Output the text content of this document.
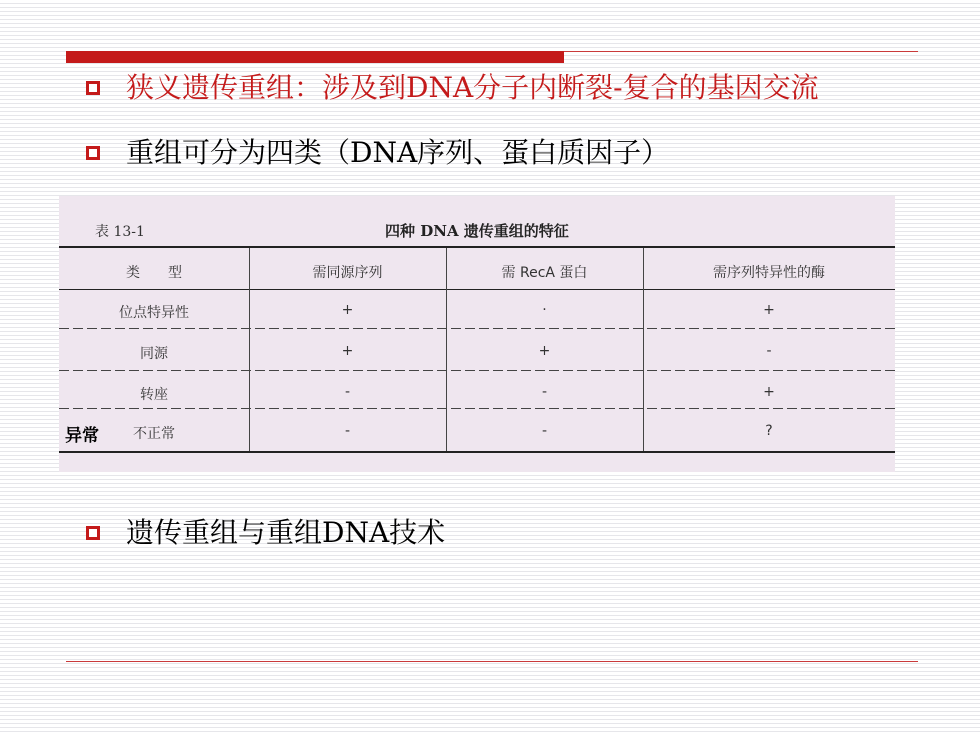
狭义遗传重组：涉及到DNA分子内断裂-复合的基因交流
重组可分为四类（DNA序列、蛋白质因子）
表 13-1	四种 DNA 遗传重组的特征
类　　型	需同源序列	需 RecA 蛋白	需序列特异性的酶
位点特异性	+	·	+
同源	+	+	-
转座	-	-	+
不正常	-	-	?
异常
遗传重组与重组DNA技术
